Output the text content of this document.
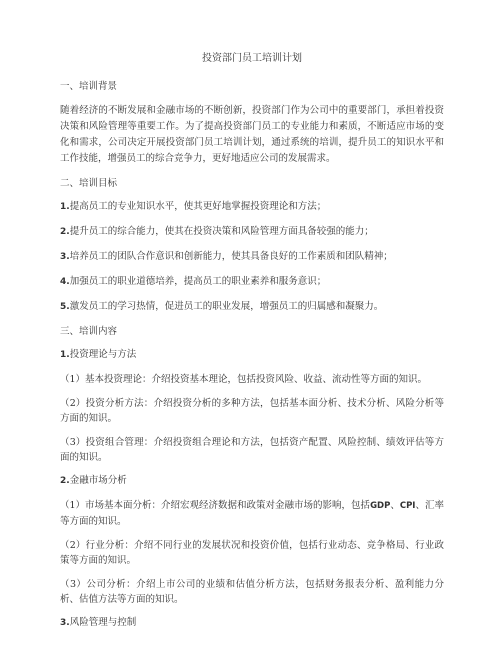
投资部门员工培训计划
一、培训背景

随着经济的不断发展和金融市场的不断创新，投资部门作为公司中的重要部门，承担着投资决策和风险管理等重要工作。为了提高投资部门员工的专业能力和素质，不断适应市场的变化和需求，公司决定开展投资部门员工培训计划，通过系统的培训，提升员工的知识水平和工作技能，增强员工的综合竞争力，更好地适应公司的发展需求。

二、培训目标
1.提高员工的专业知识水平，使其更好地掌握投资理论和方法；
2.提升员工的综合能力，使其在投资决策和风险管理方面具备较强的能力；
3.培养员工的团队合作意识和创新能力，使其具备良好的工作素质和团队精神；
4.加强员工的职业道德培养，提高员工的职业素养和服务意识；
5.激发员工的学习热情，促进员工的职业发展，增强员工的归属感和凝聚力。
三、培训内容
1.投资理论与方法

（1）基本投资理论：介绍投资基本理论，包括投资风险、收益、流动性等方面的知识。

（2）投资分析方法：介绍投资分析的多种方法，包括基本面分析、技术分析、风险分析等方面的知识。

（3）投资组合管理：介绍投资组合理论和方法，包括资产配置、风险控制、绩效评估等方面的知识。

2.金融市场分析

（1）市场基本面分析：介绍宏观经济数据和政策对金融市场的影响，包括GDP、CPI、汇率等方面的知识。

（2）行业分析：介绍不同行业的发展状况和投资价值，包括行业动态、竞争格局、行业政策等方面的知识。

（3）公司分析：介绍上市公司的业绩和估值分析方法，包括财务报表分析、盈利能力分析、估值方法等方面的知识。

3.风险管理与控制
